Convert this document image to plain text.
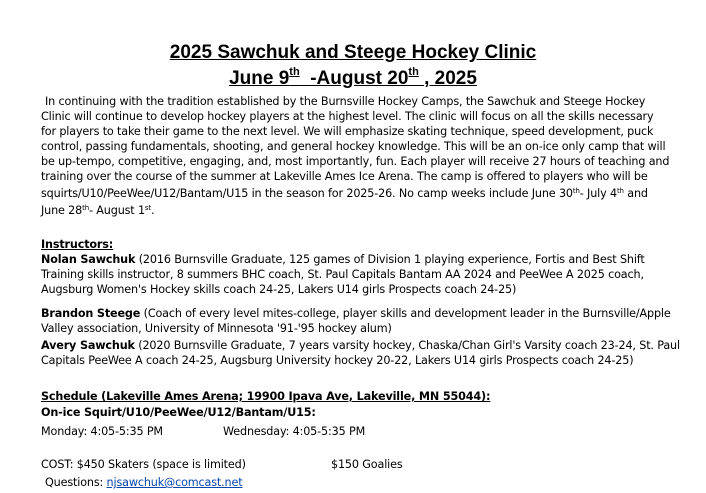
2025 Sawchuk and Steege Hockey Clinic
June 9th -August 20th , 2025
In continuing with the tradition established by the Burnsville Hockey Camps, the Sawchuk and Steege Hockey Clinic will continue to develop hockey players at the highest level. The clinic will focus on all the skills necessary for players to take their game to the next level. We will emphasize skating technique, speed development, puck control, passing fundamentals, shooting, and general hockey knowledge. This will be an on-ice only camp that will be up-tempo, competitive, engaging, and, most importantly, fun. Each player will receive 27 hours of teaching and training over the course of the summer at Lakeville Ames Ice Arena. The camp is offered to players who will be squirts/U10/PeeWee/U12/Bantam/U15 in the season for 2025-26. No camp weeks include June 30th- July 4th and June 28th- August 1st.
Instructors:
Nolan Sawchuk (2016 Burnsville Graduate, 125 games of Division 1 playing experience, Fortis and Best Shift Training skills instructor, 8 summers BHC coach, St. Paul Capitals Bantam AA 2024 and PeeWee A 2025 coach, Augsburg Women's Hockey skills coach 24-25, Lakers U14 girls Prospects coach 24-25)
Brandon Steege (Coach of every level mites-college, player skills and development leader in the Burnsville/Apple Valley association, University of Minnesota '91-'95 hockey alum)
Avery Sawchuk (2020 Burnsville Graduate, 7 years varsity hockey, Chaska/Chan Girl's Varsity coach 23-24, St. Paul Capitals PeeWee A coach 24-25, Augsburg University hockey 20-22, Lakers U14 girls Prospects coach 24-25)
Schedule (Lakeville Ames Arena; 19900 Ipava Ave, Lakeville, MN 55044):
On-ice Squirt/U10/PeeWee/U12/Bantam/U15:
Monday: 4:05-5:35 PM	Wednesday: 4:05-5:35 PM
COST: $450 Skaters (space is limited)	$150 Goalies
Questions: njsawchuk@comcast.net
